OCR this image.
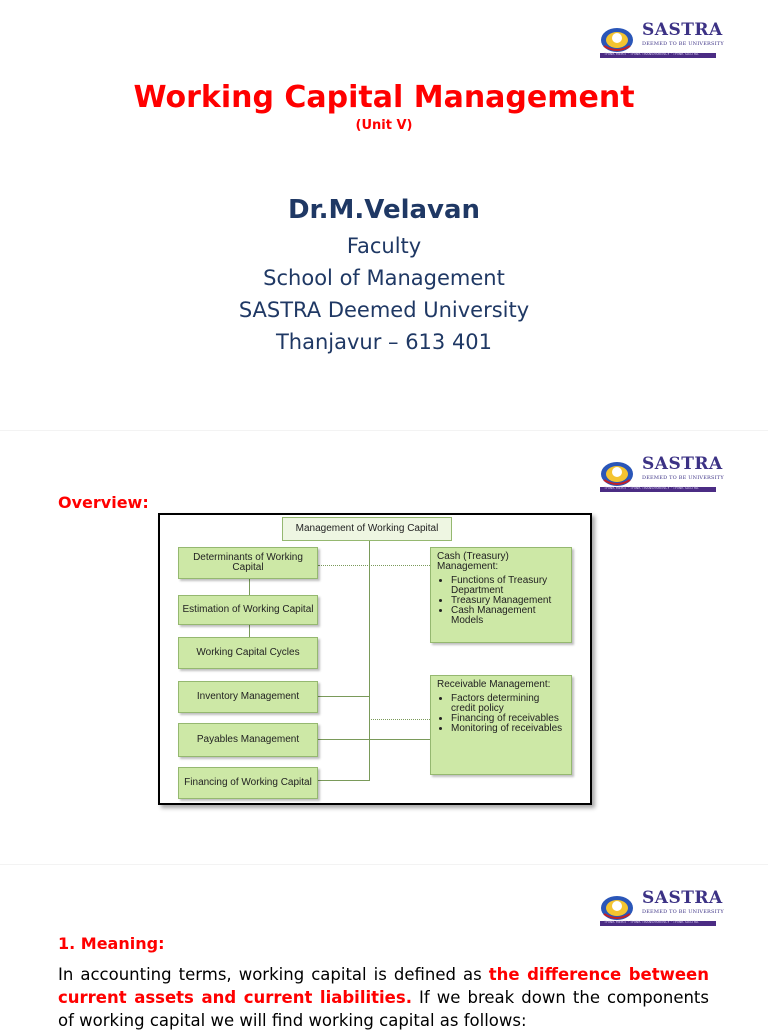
SASTRA
DEEMED TO BE UNIVERSITY
THINK MERIT · THINK TRANSPARENCY · THINK SASTRA
Working Capital Management
(Unit V)
Dr.M.Velavan
Faculty
School of Management
SASTRA Deemed University
Thanjavur – 613 401
SASTRA
DEEMED TO BE UNIVERSITY
THINK MERIT · THINK TRANSPARENCY · THINK SASTRA
Overview:
Management of Working Capital
Determinants of Working Capital
Estimation of Working Capital
Working Capital Cycles
Inventory Management
Payables Management
Financing of Working Capital
Cash (Treasury) Management:
• Functions of Treasury Department
• Treasury Management
• Cash Management Models
Receivable Management:
• Factors determining credit policy
• Financing of receivables
• Monitoring of receivables
SASTRA
DEEMED TO BE UNIVERSITY
THINK MERIT · THINK TRANSPARENCY · THINK SASTRA
1. Meaning:

In accounting terms, working capital is defined as the difference between current assets and current liabilities. If we break down the components of working capital we will find working capital as follows:
